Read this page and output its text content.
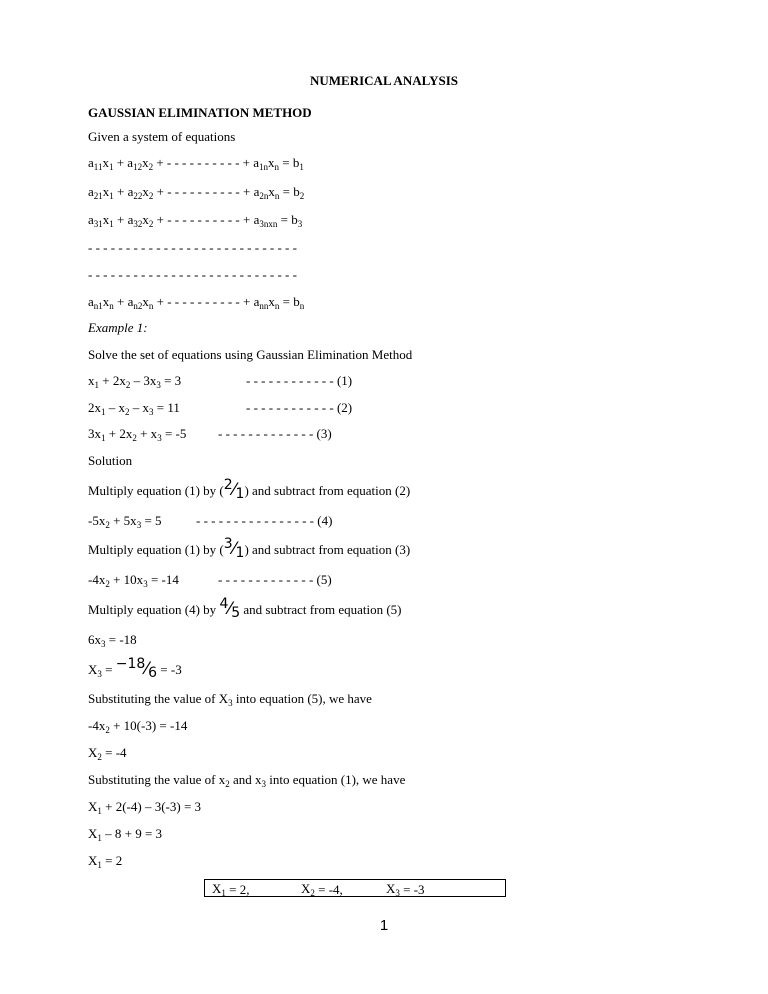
NUMERICAL ANALYSIS
GAUSSIAN ELIMINATION METHOD
Given a system of equations
$a_{11}x_1 + a_{12}x_2$ + - - - - - - - - - - + $a_{1n}x_n = b_1$
$a_{21}x_1 + a_{22}x_2$ + - - - - - - - - - - + $a_{2n}x_n = b_2$
$a_{31}x_1 + a_{32}x_2$ + - - - - - - - - - - + $a_{3nxn} = b_3$
- - - - - - - - - - - - - - - - - - - - - - - - - - - -
- - - - - - - - - - - - - - - - - - - - - - - - - - - -
$a_{n1}x_n + a_{n2}x_n$ + - - - - - - - - - - + $a_{nn}x_n = b_n$
Example 1:
Solve the set of equations using Gaussian Elimination Method
$x_1 + 2x_2 - 3x_3 = 3$	- - - - - - - - - - - - (1)
$2x_1 - x_2 - x_3 = 11$	- - - - - - - - - - - - (2)
$3x_1 + 2x_2 + x_3 = -5$ - - - - - - - - - - - - - (3)
Solution
Multiply equation (1) by (2⁄1) and subtract from equation (2)
$-5x_2 + 5x_3 = 5$	- - - - - - - - - - - - - - - - (4)
Multiply equation (1) by (3⁄1) and subtract from equation (3)
$-4x_2 + 10x_3 = -14$	- - - - - - - - - - - - - (5)
Multiply equation (4) by 4⁄5 and subtract from equation (5)
$6x_3 = -18$
$X_3$ = −18⁄6 = -3
Substituting the value of $X_3$ into equation (5), we have
$-4x_2 + 10(-3) = -14$
$X_2 = -4$
Substituting the value of $x_2$ and $x_3$ into equation (1), we have
$X_1 + 2(-4) - 3(-3) = 3$
$X_1 - 8 + 9 = 3$
$X_1 = 2$
$X_1 = 2$,	$X_2 = -4$,	$X_3 = -3$
1
